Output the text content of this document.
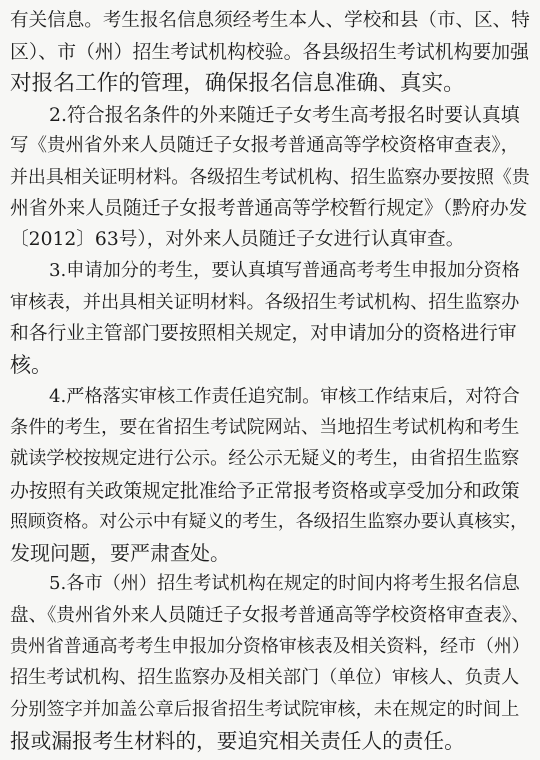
有关信息。考生报名信息须经考生本人、学校和县（市、区、特
区）、市（州）招生考试机构校验。各县级招生考试机构要加强
对报名工作的管理，确保报名信息准确、真实。
2.符合报名条件的外来随迁子女考生高考报名时要认真填
写《贵州省外来人员随迁子女报考普通高等学校资格审查表》，
并出具相关证明材料。各级招生考试机构、招生监察办要按照《贵
州省外来人员随迁子女报考普通高等学校暂行规定》（黔府办发
〔2012〕63号），对外来人员随迁子女进行认真审查。
3.申请加分的考生，要认真填写普通高考考生申报加分资格
审核表，并出具相关证明材料。各级招生考试机构、招生监察办
和各行业主管部门要按照相关规定，对申请加分的资格进行审
核。
4.严格落实审核工作责任追究制。审核工作结束后，对符合
条件的考生，要在省招生考试院网站、当地招生考试机构和考生
就读学校按规定进行公示。经公示无疑义的考生，由省招生监察
办按照有关政策规定批准给予正常报考资格或享受加分和政策
照顾资格。对公示中有疑义的考生，各级招生监察办要认真核实，
发现问题，要严肃查处。
5.各市（州）招生考试机构在规定的时间内将考生报名信息
盘、《贵州省外来人员随迁子女报考普通高等学校资格审查表》、
贵州省普通高考考生申报加分资格审核表及相关资料，经市（州）
招生考试机构、招生监察办及相关部门（单位）审核人、负责人
分别签字并加盖公章后报省招生考试院审核，未在规定的时间上
报或漏报考生材料的，要追究相关责任人的责任。
